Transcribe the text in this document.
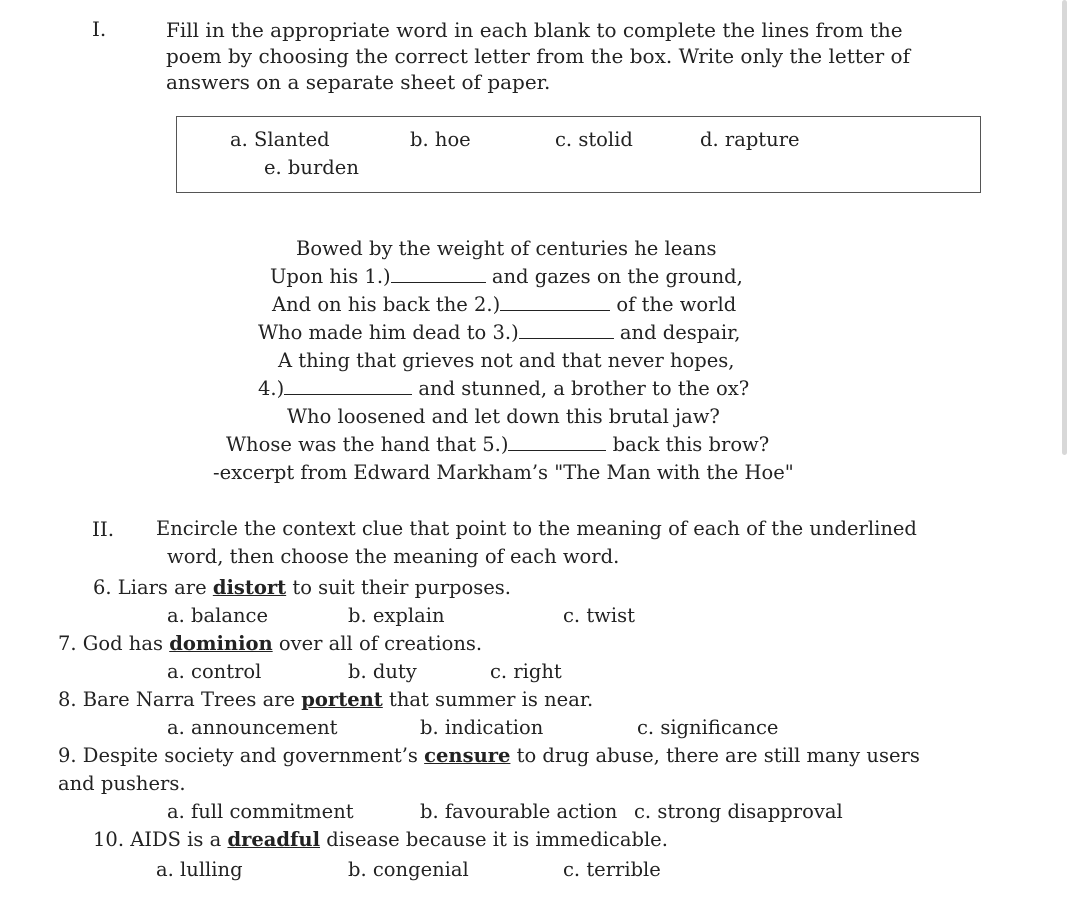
I.	Fill in the appropriate word in each blank to complete the lines from the
poem by choosing the correct letter from the box. Write only the letter of
answers on a separate sheet of paper.
a. Slanted	b. hoe	c. stolid	d. rapture
e. burden
Bowed by the weight of centuries he leans
Upon his 1.)	and gazes on the ground,
And on his back the 2.)	of the world
Who made him dead to 3.)	and despair,
A thing that grieves not and that never hopes,
4.)	and stunned, a brother to the ox?
Who loosened and let down this brutal jaw?
Whose was the hand that 5.)	back this brow?
-excerpt from Edward Markham’s "The Man with the Hoe"
II. Encircle the context clue that point to the meaning of each of the underlined
word, then choose the meaning of each word.
6. Liars are distort to suit their purposes.
a. balance	b. explain	c. twist
7. God has dominion over all of creations.
a. control	b. duty	c. right
8. Bare Narra Trees are portent that summer is near.
a. announcement	b. indication	c. significance
9. Despite society and government’s censure to drug abuse, there are still many users
and pushers.
a. full commitment	b. favourable action c. strong disapproval
10. AIDS is a dreadful disease because it is immedicable.
a. lulling	b. congenial	c. terrible
